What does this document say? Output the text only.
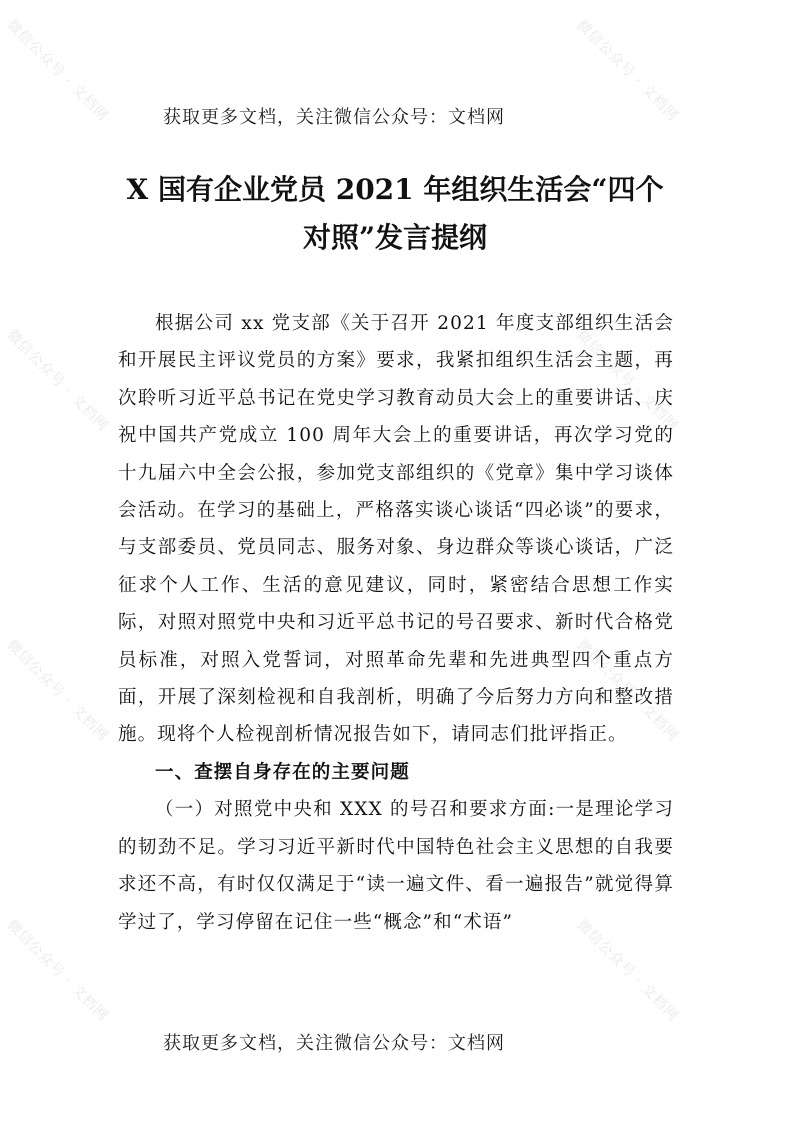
微信公众号 · 文档网	微信公众号 · 文档网
微信公众号 · 文档网	微信公众号 · 文档网
微信公众号 · 文档网	微信公众号 · 文档网
微信公众号 · 文档网	微信公众号 · 文档网
获取更多文档，关注微信公众号：文档网
X 国有企业党员 2021 年组织生活会“四个对照”发言提纲

根据公司 xx 党支部《关于召开 2021 年度支部组织生活会和开展民主评议党员的方案》要求，我紧扣组织生活会主题，再次聆听习近平总书记在党史学习教育动员大会上的重要讲话、庆祝中国共产党成立 100 周年大会上的重要讲话，再次学习党的十九届六中全会公报，参加党支部组织的《党章》集中学习谈体会活动。在学习的基础上，严格落实谈心谈话“四必谈”的要求，与支部委员、党员同志、服务对象、身边群众等谈心谈话，广泛征求个人工作、生活的意见建议，同时，紧密结合思想工作实际，对照对照党中央和习近平总书记的号召要求、新时代合格党员标准，对照入党誓词，对照革命先辈和先进典型四个重点方面，开展了深刻检视和自我剖析，明确了今后努力方向和整改措施。现将个人检视剖析情况报告如下，请同志们批评指正。

一、查摆自身存在的主要问题

（一）对照党中央和 XXX 的号召和要求方面:一是理论学习的韧劲不足。学习习近平新时代中国特色社会主义思想的自我要求还不高，有时仅仅满足于“读一遍文件、看一遍报告”就觉得算学过了，学习停留在记住一些“概念”和“术语”

获取更多文档，关注微信公众号：文档网
